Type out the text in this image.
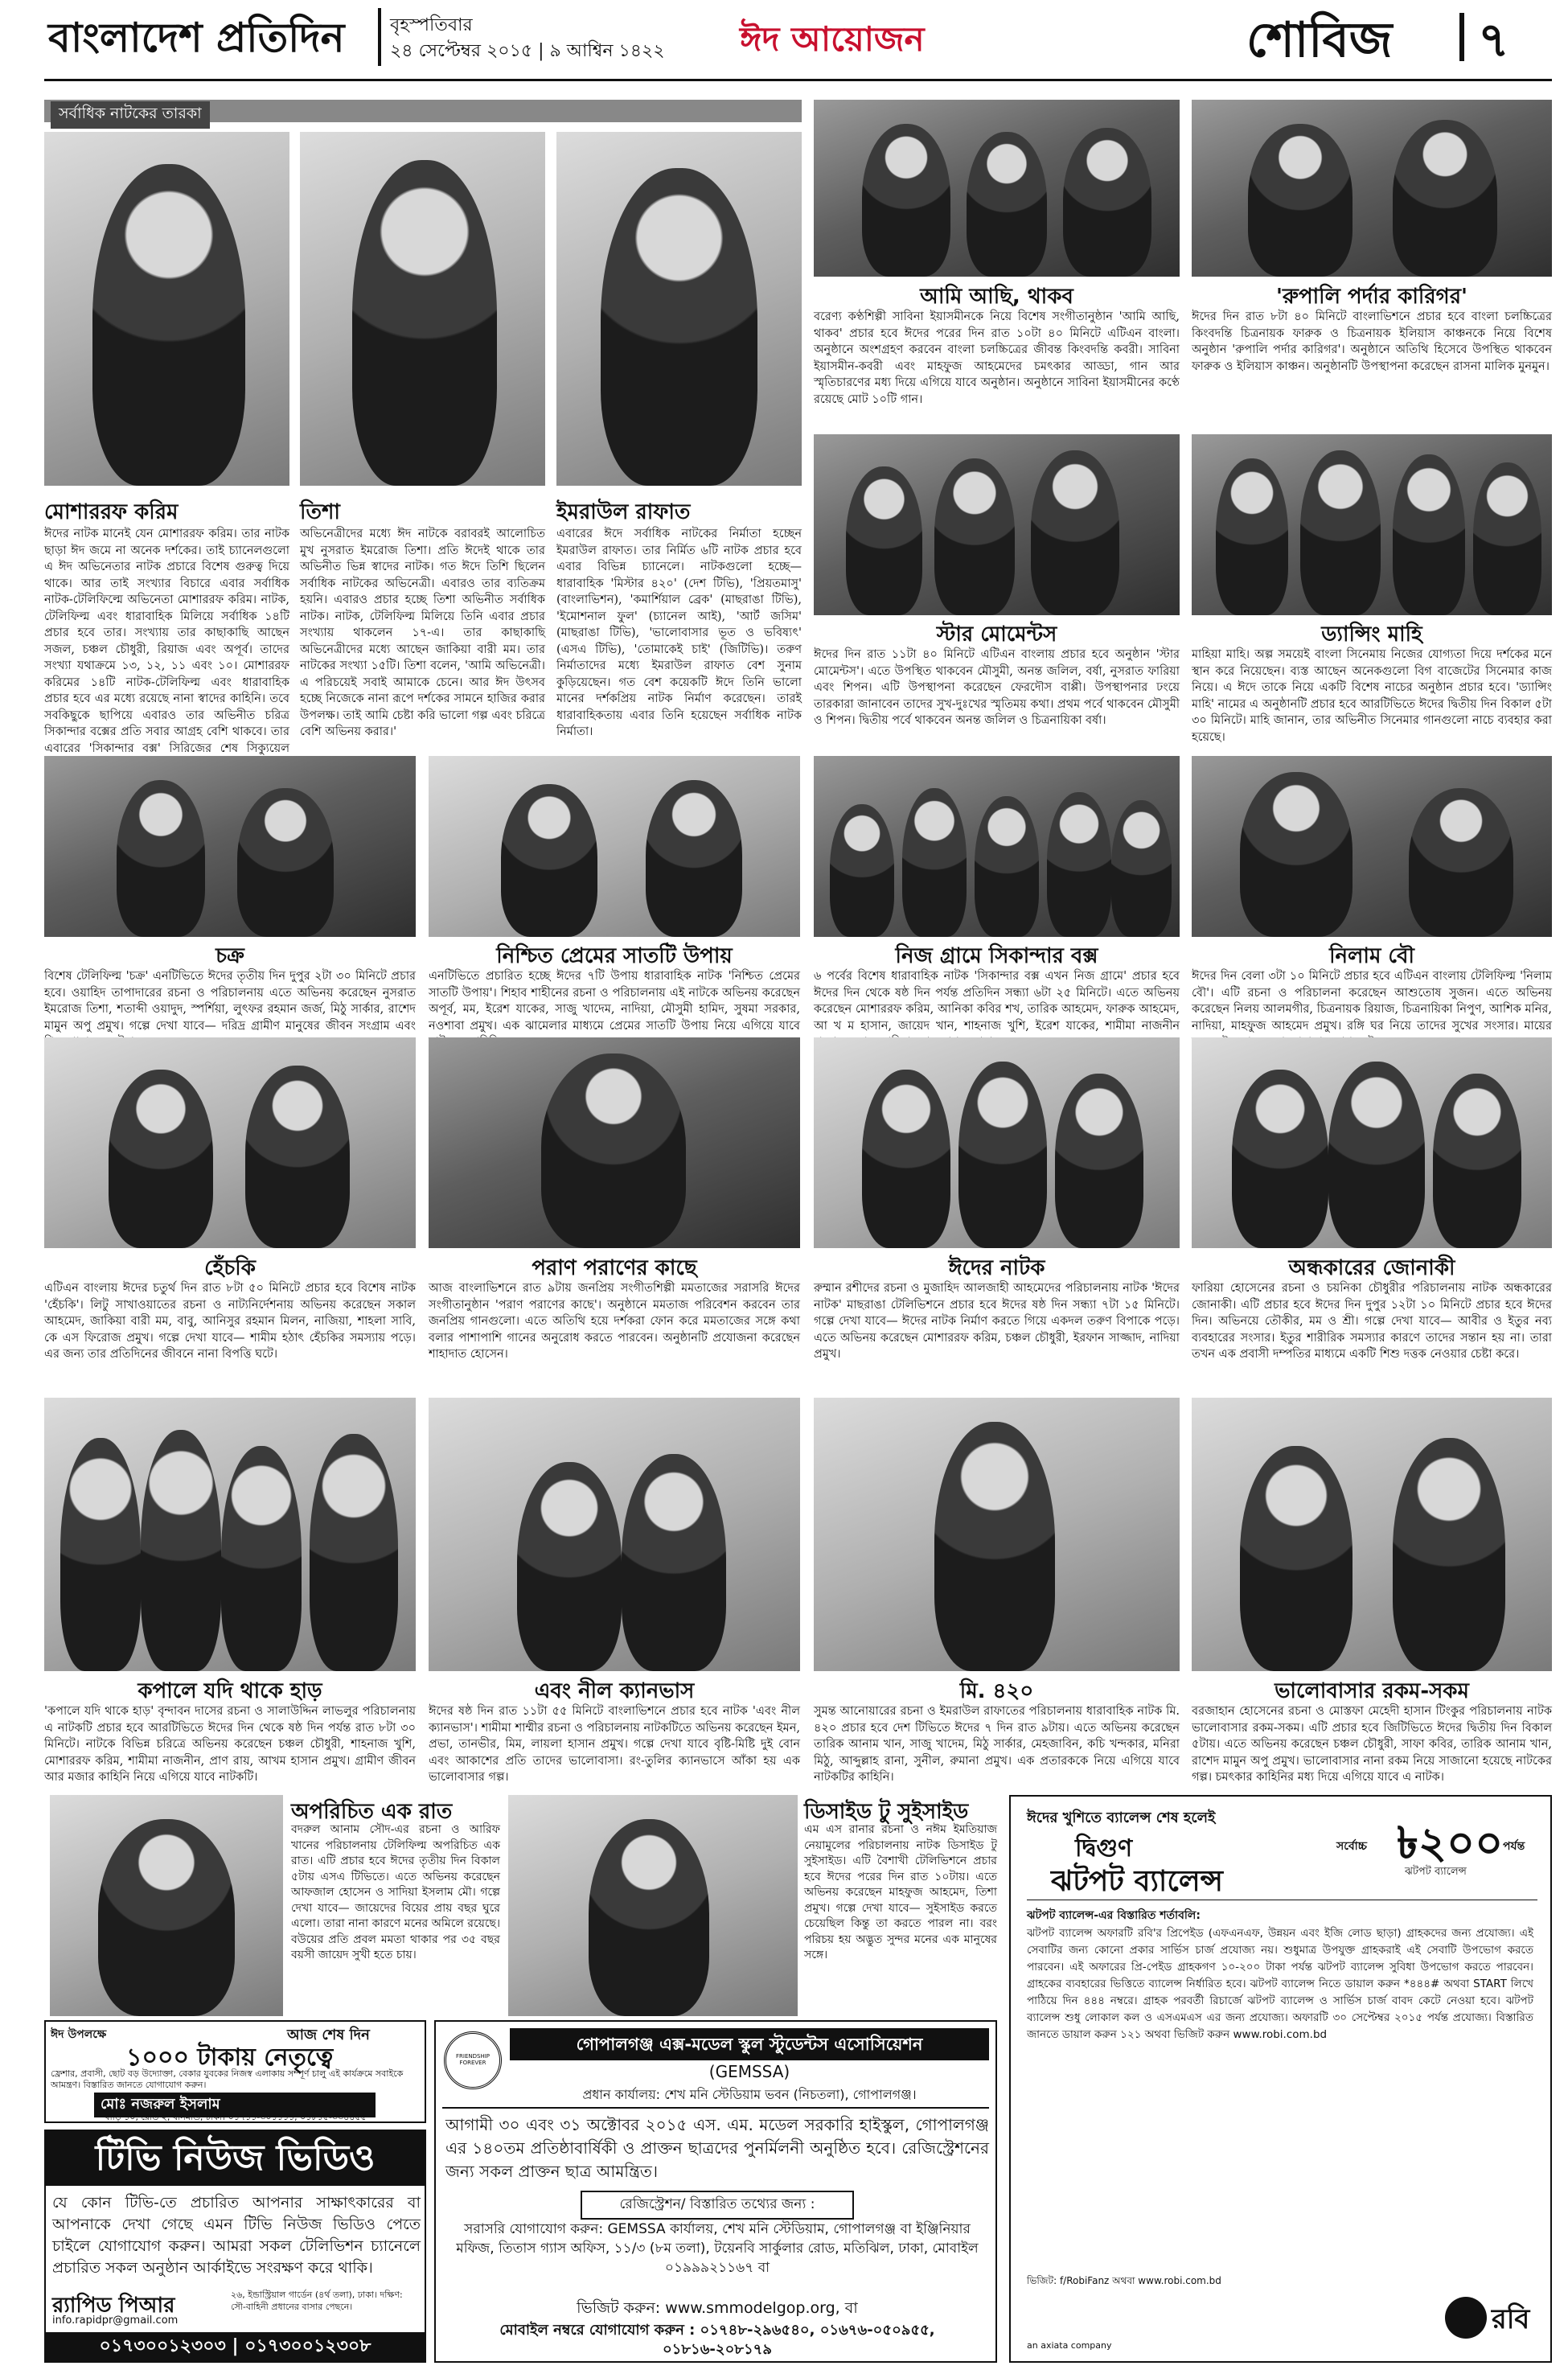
বাংলাদেশ প্রতিদিন	বৃহস্পতিবার
২৪ সেপ্টেম্বর ২০১৫ | ৯ আশ্বিন ১৪২২ ঈদ আয়োজন	শোবিজ ৭
সর্বাধিক নাটকের তারকা
মোশাররফ করিম	তিশা	ইমরাউল রাফাত
ঈদের নাটক মানেই যেন মোশাররফ করিম। তার নাটক ছাড়া ঈদ জমে না অনেক দর্শকের। তাই চ্যানেলগুলো এ ঈদ অভিনেতার নাটক প্রচারে বিশেষ গুরুত্ব দিয়ে থাকে। আর তাই সংখ্যার বিচারে এবার সর্বাধিক নাটক-টেলিফিল্মে অভিনেতা মোশাররফ করিম। নাটক, টেলিফিল্ম এবং ধারাবাহিক মিলিয়ে সর্বাধিক ১৪টি প্রচার হবে তার। সংখ্যায় তার কাছাকাছি আছেন সজল, চঞ্চল চৌধুরী, রিয়াজ এবং অপূর্ব। তাদের সংখ্যা যথাক্রমে ১৩, ১২, ১১ এবং ১০। মোশাররফ করিমের ১৪টি নাটক-টেলিফিল্ম এবং ধারাবাহিক প্রচার হবে এর মধ্যে রয়েছে নানা স্বাদের কাহিনি। তবে সবকিছুকে ছাপিয়ে এবারও তার অভিনীত চরিত্র সিকান্দার বক্সের প্রতি সবার আগ্রহ বেশি থাকবে। তার এবারের 'সিকান্দার বক্স' সিরিজের শেষ সিক্যুয়েল
অভিনেত্রীদের মধ্যে ঈদ নাটকে বরাবরই আলোচিত মুখ নুসরাত ইমরোজ তিশা। প্রতি ঈদেই থাকে তার অভিনীত ভিন্ন স্বাদের নাটক। গত ঈদে তিশি ছিলেন সর্বাধিক নাটকের অভিনেত্রী। এবারও তার ব্যতিক্রম হয়নি। এবারও প্রচার হচ্ছে তিশা অভিনীত সর্বাধিক নাটক। নাটক, টেলিফিল্ম মিলিয়ে তিনি এবার প্রচার সংখ্যায় থাকলেন ১৭-এ। তার কাছাকাছি অভিনেত্রীদের মধ্যে আছেন জাকিয়া বারী মম। তার নাটকের সংখ্যা ১৫টি। তিশা বলেন, 'আমি অভিনেত্রী। এ পরিচয়েই সবাই আমাকে চেনে। আর ঈদ উৎসব হচ্ছে নিজেকে নানা রূপে দর্শকের সামনে হাজির করার উপলক্ষ। তাই আমি চেষ্টা করি ভালো গল্প এবং চরিত্রে বেশি অভিনয় করার।'
এবারের ঈদে সর্বাধিক নাটকের নির্মাতা হচ্ছেন ইমরাউল রাফাত। তার নির্মিত ৬টি নাটক প্রচার হবে এবার বিভিন্ন চ্যানেলে। নাটকগুলো হচ্ছে— ধারাবাহিক 'মিস্টার ৪২০' (দেশ টিভি), 'প্রিয়তমাসু' (বাংলাভিশন), 'কমার্শিয়াল ব্রেক' (মাছরাঙা টিভি), 'ইমোশনাল ফুল' (চ্যানেল আই), 'আর্ট জসিম' (মাছরাঙা টিভি), 'ভালোবাসার ভূত ও ভবিষ্যৎ' (এসএ টিভি), 'তোমাকেই চাই' (জিটিভি)। তরুণ নির্মাতাদের মধ্যে ইমরাউল রাফাত বেশ সুনাম কুড়িয়েছেন। গত বেশ কয়েকটি ঈদে তিনি ভালো মানের দর্শকপ্রিয় নাটক নির্মাণ করেছেন। তারই ধারাবাহিকতায় এবার তিনি হয়েছেন সর্বাধিক নাটক নির্মাতা।
আমি আছি, থাকব
বরেণ্য কণ্ঠশিল্পী সাবিনা ইয়াসমীনকে নিয়ে বিশেষ সংগীতানুষ্ঠান 'আমি আছি, থাকব' প্রচার হবে ঈদের পরের দিন রাত ১০টা ৪০ মিনিটে এটিএন বাংলা। অনুষ্ঠানে অংশগ্রহণ করবেন বাংলা চলচ্চিত্রের জীবন্ত কিংবদন্তি কবরী। সাবিনা ইয়াসমীন-কবরী এবং মাহফুজ আহমেদের চমৎকার আড্ডা, গান আর স্মৃতিচারণের মধ্য দিয়ে এগিয়ে যাবে অনুষ্ঠান। অনুষ্ঠানে সাবিনা ইয়াসমীনের কণ্ঠে রয়েছে মোট ১০টি গান।
'রুপালি পর্দার কারিগর'
ঈদের দিন রাত ৮টা ৪০ মিনিটে বাংলাভিশনে প্রচার হবে বাংলা চলচ্চিত্রের কিংবদন্তি চিত্রনায়ক ফারুক ও চিত্রনায়ক ইলিয়াস কাঞ্চনকে নিয়ে বিশেষ অনুষ্ঠান 'রুপালি পর্দার কারিগর'। অনুষ্ঠানে অতিথি হিসেবে উপস্থিত থাকবেন ফারুক ও ইলিয়াস কাঞ্চন। অনুষ্ঠানটি উপস্থাপনা করেছেন রাসনা মালিক মুনমুন।
স্টার মোমেন্টস
ঈদের দিন রাত ১১টা ৪০ মিনিটে এটিএন বাংলায় প্রচার হবে অনুষ্ঠান 'স্টার মোমেন্টস'। এতে উপস্থিত থাকবেন মৌসুমী, অনন্ত জলিল, বর্ষা, নুসরাত ফারিয়া এবং শিপন। এটি উপস্থাপনা করেছেন ফেরদৌস বাপ্পী। উপস্থাপনার ঢংয়ে তারকারা জানাবেন তাদের সুখ-দুঃখের স্মৃতিময় কথা। প্রথম পর্বে থাকবেন মৌসুমী ও শিপন। দ্বিতীয় পর্বে থাকবেন অনন্ত জলিল ও চিত্রনায়িকা বর্ষা।
ড্যান্সিং মাহি
মাহিয়া মাহি। অল্প সময়েই বাংলা সিনেমায় নিজের যোগ্যতা দিয়ে দর্শকের মনে স্থান করে নিয়েছেন। ব্যস্ত আছেন অনেকগুলো বিগ বাজেটের সিনেমার কাজ নিয়ে। এ ঈদে তাকে নিয়ে একটি বিশেষ নাচের অনুষ্ঠান প্রচার হবে। 'ড্যান্সিং মাহি' নামের এ অনুষ্ঠানটি প্রচার হবে আরটিভিতে ঈদের দ্বিতীয় দিন বিকাল ৫টা ৩০ মিনিটে। মাহি জানান, তার অভিনীত সিনেমার গানগুলো নাচে ব্যবহার করা হয়েছে।
চক্র
বিশেষ টেলিফিল্ম 'চক্র' এনটিভিতে ঈদের তৃতীয় দিন দুপুর ২টা ৩০ মিনিটে প্রচার হবে। ওয়াহিদ তাপাদারের রচনা ও পরিচালনায় এতে অভিনয় করেছেন নুসরাত ইমরোজ তিশা, শতাব্দী ওয়াদুদ, স্পর্শিয়া, লুৎফর রহমান জর্জ, মিঠু সার্কার, রাশেদ মামুন অপু প্রমুখ। গল্পে দেখা যাবে— দরিদ্র গ্রামীণ মানুষের জীবন সংগ্রাম এবং
নিশ্চিত প্রেমের সাতটি উপায়
এনটিভিতে প্রচারিত হচ্ছে ঈদের ৭টি উপায় ধারাবাহিক নাটক 'নিশ্চিত প্রেমের সাতটি উপায়'। শিহাব শাহীনের রচনা ও পরিচালনায় এই নাটকে অভিনয় করেছেন অপূর্ব, মম, ইরেশ যাকের, সাজু খাদেম, নাদিয়া, মৌসুমী হামিদ, সুষমা সরকার, নওশাবা প্রমুখ। এক ঝামেলার মাধ্যমে প্রেমের সাতটি উপায় নিয়ে এগিয়ে যাবে
নিজ গ্রামে সিকান্দার বক্স
৬ পর্বের বিশেষ ধারাবাহিক নাটক 'সিকান্দার বক্স এখন নিজ গ্রামে' প্রচার হবে ঈদের দিন থেকে ষষ্ঠ দিন পর্যন্ত প্রতিদিন সন্ধ্যা ৬টা ২৫ মিনিটে। এতে অভিনয় করেছেন মোশাররফ করিম, আনিকা কবির শখ, তারিক আহমেদ, ফারুক আহমেদ, আ খ ম হাসান, জায়েদ খান, শাহনাজ খুশি, ইরেশ যাকের, শামীমা নাজনীন
নিলাম বৌ
ঈদের দিন বেলা ৩টা ১০ মিনিটে প্রচার হবে এটিএন বাংলায় টেলিফিল্ম 'নিলাম বৌ'। এটি রচনা ও পরিচালনা করেছেন আশুতোষ সুজন। এতে অভিনয় করেছেন নিলয় আলমগীর, চিত্রনায়ক রিয়াজ, চিত্রনায়িকা নিপুণ, আশিক মনির, নাদিয়া, মাহফুজ আহমেদ প্রমুখ। রঙ্গি ঘর নিয়ে তাদের সুখের সংসার। মায়ের
হেঁচকি
এটিএন বাংলায় ঈদের চতুর্থ দিন রাত ৮টা ৫০ মিনিটে প্রচার হবে বিশেষ নাটক 'হেঁচকি'। লিটু সাখাওয়াতের রচনা ও নাট্যনির্দেশনায় অভিনয় করেছেন সকাল আহমেদ, জাকিয়া বারী মম, বাবু, আনিসুর রহমান মিলন, নাজিয়া, শাহলা সাবি, কে এস ফিরোজ প্রমুখ। গল্পে দেখা যাবে— শামীম হঠাৎ হেঁচকির সমস্যায় পড়ে। এর জন্য তার প্রতিদিনের জীবনে নানা বিপত্তি ঘটে।
পরাণ পরাণের কাছে
আজ বাংলাভিশনে রাত ৯টায় জনপ্রিয় সংগীতশিল্পী মমতাজের সরাসরি ঈদের সংগীতানুষ্ঠান 'পরাণ পরাণের কাছে'। অনুষ্ঠানে মমতাজ পরিবেশন করবেন তার জনপ্রিয় গানগুলো। এতে অতিথি হয়ে দর্শকরা ফোন করে মমতাজের সঙ্গে কথা বলার পাশাপাশি গানের অনুরোধ করতে পারবেন। অনুষ্ঠানটি প্রযোজনা করেছেন শাহাদাত হোসেন।
ঈদের নাটক
রুম্মান রশীদের রচনা ও মুজাহিদ আলজাহী আহমেদের পরিচালনায় নাটক 'ঈদের নাটক' মাছরাঙা টেলিভিশনে প্রচার হবে ঈদের ষষ্ঠ দিন সন্ধ্যা ৭টা ১৫ মিনিটে। গল্পে দেখা যাবে— ঈদের নাটক নির্মাণ করতে গিয়ে একদল তরুণ বিপাকে পড়ে। এতে অভিনয় করেছেন মোশাররফ করিম, চঞ্চল চৌধুরী, ইরফান সাজ্জাদ, নাদিয়া প্রমুখ।
অন্ধকারের জোনাকী
ফারিয়া হোসেনের রচনা ও চয়নিকা চৌধুরীর পরিচালনায় নাটক অন্ধকারের জোনাকী। এটি প্রচার হবে ঈদের দিন দুপুর ১২টা ১০ মিনিটে প্রচার হবে ঈদের দিন। অভিনয়ে তৌকীর, মম ও শ্রী। গল্পে দেখা যাবে— আবীর ও ইতুর নব্য ব্যবহারের সংসার। ইতুর শারীরিক সমস্যার কারণে তাদের সন্তান হয় না। তারা তখন এক প্রবাসী দম্পতির মাধ্যমে একটি শিশু দত্তক নেওয়ার চেষ্টা করে।
কপালে যদি থাকে হাড়
'কপালে যদি থাকে হাড়' বৃন্দাবন দাসের রচনা ও সালাউদ্দিন লাভলুর পরিচালনায় এ নাটকটি প্রচার হবে আরটিভিতে ঈদের দিন থেকে ষষ্ঠ দিন পর্যন্ত রাত ৮টা ৩০ মিনিটে। নাটকে বিভিন্ন চরিত্রে অভিনয় করেছেন চঞ্চল চৌধুরী, শাহনাজ খুশি, মোশাররফ করিম, শামীমা নাজনীন, প্রাণ রায়, আখম হাসান প্রমুখ। গ্রামীণ জীবন আর মজার কাহিনি নিয়ে এগিয়ে যাবে নাটকটি।
এবং নীল ক্যানভাস
ঈদের ষষ্ঠ দিন রাত ১১টা ৫৫ মিনিটে বাংলাভিশনে প্রচার হবে নাটক 'এবং নীল ক্যানভাস'। শামীমা শাম্মীর রচনা ও পরিচালনায় নাটকটিতে অভিনয় করেছেন ইমন, প্রভা, তানভীর, মিম, লায়লা হাসান প্রমুখ। গল্পে দেখা যাবে বৃষ্টি-মিষ্টি দুই বোন এবং আকাশের প্রতি তাদের ভালোবাসা। রং-তুলির ক্যানভাসে আঁকা হয় এক ভালোবাসার গল্প।
মি. ৪২০
সুমন্ত আনোয়ারের রচনা ও ইমরাউল রাফাতের পরিচালনায় ধারাবাহিক নাটক মি. ৪২০ প্রচার হবে দেশ টিভিতে ঈদের ৭ দিন রাত ৯টায়। এতে অভিনয় করেছেন তারিক আনাম খান, সাজু খাদেম, মিঠু সার্কার, মেহজাবিন, কচি খন্দকার, মনিরা মিঠু, আব্দুল্লাহ রানা, সুনীল, রুমানা প্রমুখ। এক প্রতারককে নিয়ে এগিয়ে যাবে নাটকটির কাহিনি।
ভালোবাসার রকম-সকম
বরজাহান হোসেনের রচনা ও মোস্তফা মেহেদী হাসান টিংকুর পরিচালনায় নাটক ভালোবাসার রকম-সকম। এটি প্রচার হবে জিটিভিতে ঈদের দ্বিতীয় দিন বিকাল ৫টায়। এতে অভিনয় করেছেন চঞ্চল চৌধুরী, সাফা কবির, তারিক আনাম খান, রাশেদ মামুন অপু প্রমুখ। ভালোবাসার নানা রকম নিয়ে সাজানো হয়েছে নাটকের গল্প। চমৎকার কাহিনির মধ্য দিয়ে এগিয়ে যাবে এ নাটক।
অপরিচিত এক রাত
বদরুল আনাম সৌদ-এর রচনা ও আরিফ খানের পরিচালনায় টেলিফিল্ম অপরিচিত এক রাত। এটি প্রচার হবে ঈদের তৃতীয় দিন বিকাল ৫টায় এসএ টিভিতে। এতে অভিনয় করেছেন আফজাল হোসেন ও সাদিয়া ইসলাম মৌ। গল্পে দেখা যাবে— জায়েদের বিয়ের প্রায় বছর ঘুরে এলো। তারা নানা কারণে মনের অমিলে রয়েছে। বউয়ের প্রতি প্রবল মমতা থাকার পর ৩৫ বছর বয়সী জায়েদ সুখী হতে চায়।
ডিসাইড টু সুইসাইড
এম এস রানার রচনা ও নঈম ইমতিয়াজ নেয়ামুলের পরিচালনায় নাটক ডিসাইড টু সুইসাইড। এটি বৈশাখী টেলিভিশনে প্রচার হবে ঈদের পরের দিন রাত ১০টায়। এতে অভিনয় করেছেন মাহফুজ আহমেদ, তিশা প্রমুখ। গল্পে দেখা যাবে— সুইসাইড করতে চেয়েছিল কিন্তু তা করতে পারল না। বরং পরিচয় হয় অদ্ভুত সুন্দর মনের এক মানুষের সঙ্গে।
ঈদ উপলক্ষে	আজ শেষ দিন
১০০০ টাকায় নেতৃত্বে
ফ্রেশার, প্রবাসী, ছোট বড় উদ্যোক্তা, বেকার যুবকের নিজস্ব এলাকায় সম্পূর্ণ চালু এই কার্যক্রমে সবাইকে আমন্ত্রণ। বিস্তারিত জানতে যোগাযোগ করুন।
মোঃ নজরুল ইসলাম
বাড়ি ১০, রোড ২, ধানমন্ডি, ঢাকা। ০১৭১১-৩০১১১১, ০১৮১৫-৩৩৪৪৫৫
টিভি নিউজ ভিডিও
যে কোন টিভি-তে প্রচারিত আপনার সাক্ষাৎকারের বা আপনাকে দেখা গেছে এমন টিভি নিউজ ভিডিও পেতে চাইলে যোগাযোগ করুন। আমরা সকল টেলিভিশন চ্যানেলে প্রচারিত সকল অনুষ্ঠান আর্কাইভে সংরক্ষণ করে থাকি।
র‍্যাপিড পিআর
info.rapidpr@gmail.com
২৬, ইন্ডাস্ট্রিয়াল গার্ডেন (৪র্থ তলা), ঢাকা। দক্ষিণ: সৌ-বাহিনী প্রধানের বাসার পেছনে।
০১৭৩০০১২৩০৩ | ০১৭৩০০১২৩০৮
FRIENDSHIP FOREVER
গোপালগঞ্জ এক্স-মডেল স্কুল স্টুডেন্টস এসোসিয়েশন
(GEMSSA)
প্রধান কার্যালয়: শেখ মনি স্টেডিয়াম ভবন (নিচতলা), গোপালগঞ্জ।
আগামী ৩০ এবং ৩১ অক্টোবর ২০১৫ এস. এম. মডেল সরকারি হাইস্কুল, গোপালগঞ্জ এর ১৪০তম প্রতিষ্ঠাবার্ষিকী ও প্রাক্তন ছাত্রদের পুনর্মিলনী অনুষ্ঠিত হবে। রেজিস্ট্রেশনের জন্য সকল প্রাক্তন ছাত্র আমন্ত্রিত।
রেজিস্ট্রেশন/ বিস্তারিত তথ্যের জন্য :
সরাসরি যোগাযোগ করুন: GEMSSA কার্যালয়, শেখ মনি স্টেডিয়াম, গোপালগঞ্জ বা ইঞ্জিনিয়ার মফিজ, তিতাস গ্যাস অফিস, ১১/৩ (৮ম তলা), টয়েনবি সার্কুলার রোড, মতিঝিল, ঢাকা, মোবাইল ০১৯৯৯২১১৬৭ বা
ভিজিট করুন: www.smmodelgop.org, বা
মোবাইল নম্বরে যোগাযোগ করুন : ০১৭৪৮-২৯৬৫৪০, ০১৬৭৬-০৫০৯৫৫, ০১৮১৬-২০৮১৭৯
ঈদের খুশিতে ব্যালেন্স শেষ হলেই
দ্বিগুণ
ঝটপট ব্যালেন্স
সর্বোচ্চ ৳২০০ পর্যন্ত
ঝটপট ব্যালেন্স
ঝটপট ব্যালেন্স-এর বিস্তারিত শর্তাবলি:
ঝটপট ব্যালেন্স অফারটি রবি'র প্রিপেইড (এফএনএফ, উন্নয়ন এবং ইজি লোড ছাড়া) গ্রাহকদের জন্য প্রযোজ্য। এই সেবাটির জন্য কোনো প্রকার সার্ভিস চার্জ প্রযোজ্য নয়। শুধুমাত্র উপযুক্ত গ্রাহকরাই এই সেবাটি উপভোগ করতে পারবেন। এই অফারের প্রি-পেইড গ্রাহকগণ ১০-২০০ টাকা পর্যন্ত ঝটপট ব্যালেন্স সুবিধা উপভোগ করতে পারবেন। গ্রাহকের ব্যবহারের ভিত্তিতে ব্যালেন্স নির্ধারিত হবে। ঝটপট ব্যালেন্স নিতে ডায়াল করুন *৪৪৪# অথবা START লিখে পাঠিয়ে দিন ৪৪৪ নম্বরে। গ্রাহক পরবর্তী রিচার্জে ঝটপট ব্যালেন্স ও সার্ভিস চার্জ বাবদ কেটে নেওয়া হবে। ঝটপট ব্যালেন্স শুধু লোকাল কল ও এসএমএস এর জন্য প্রযোজ্য। অফারটি ৩০ সেপ্টেম্বর ২০১৫ পর্যন্ত প্রযোজ্য। বিস্তারিত জানতে ডায়াল করুন ১২১ অথবা ভিজিট করুন www.robi.com.bd
ভিজিট: f/RobiFanz অথবা www.robi.com.bd
an axiata company
রবি
